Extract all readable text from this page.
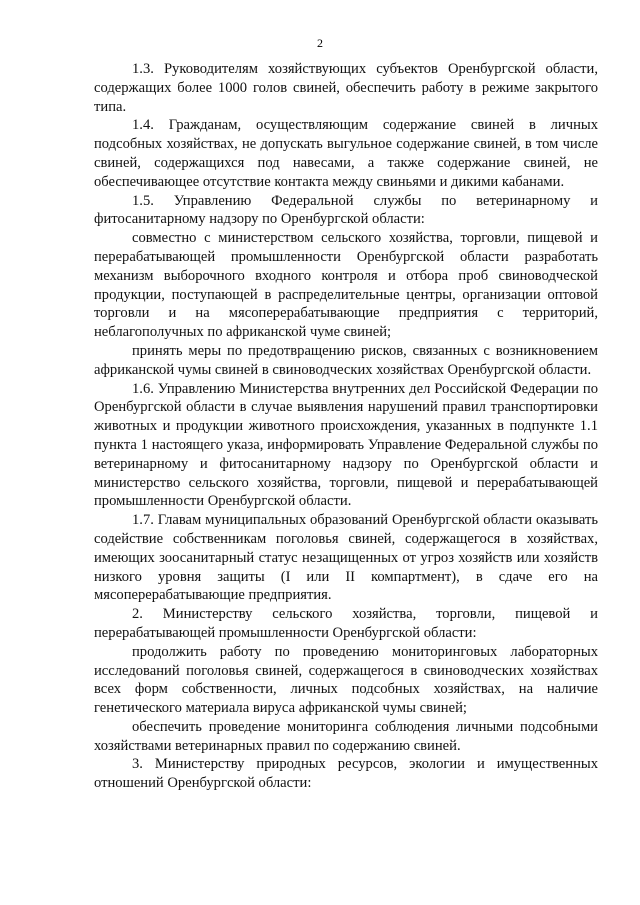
2

1.3. Руководителям хозяйствующих субъектов Оренбургской области, содержащих более 1000 голов свиней, обеспечить работу в режиме закрытого типа.

1.4. Гражданам, осуществляющим содержание свиней в личных подсобных хозяйствах, не допускать выгульное содержание свиней, в том числе свиней, содержащихся под навесами, а также содержание свиней, не обеспечивающее отсутствие контакта между свиньями и дикими кабанами.

1.5. Управлению Федеральной службы по ветеринарному и фитосанитарному надзору по Оренбургской области:

совместно с министерством сельского хозяйства, торговли, пищевой и перерабатывающей промышленности Оренбургской области разработать механизм выборочного входного контроля и отбора проб свиноводческой продукции, поступающей в распределительные центры, организации оптовой торговли и на мясоперерабатывающие предприятия с территорий, неблагополучных по африканской чуме свиней;

принять меры по предотвращению рисков, связанных с возникновением африканской чумы свиней в свиноводческих хозяйствах Оренбургской области.

1.6. Управлению Министерства внутренних дел Российской Федерации по Оренбургской области в случае выявления нарушений правил транспортировки животных и продукции животного происхождения, указанных в подпункте 1.1 пункта 1 настоящего указа, информировать Управление Федеральной службы по ветеринарному и фитосанитарному надзору по Оренбургской области и министерство сельского хозяйства, торговли, пищевой и перерабатывающей промышленности Оренбургской области.

1.7. Главам муниципальных образований Оренбургской области оказывать содействие собственникам поголовья свиней, содержащегося в хозяйствах, имеющих зоосанитарный статус незащищенных от угроз хозяйств или хозяйств низкого уровня защиты (I или II компартмент), в сдаче его на мясоперерабатывающие предприятия.

2. Министерству сельского хозяйства, торговли, пищевой и перерабатывающей промышленности Оренбургской области:

продолжить работу по проведению мониторинговых лабораторных исследований поголовья свиней, содержащегося в свиноводческих хозяйствах всех форм собственности, личных подсобных хозяйствах, на наличие генетического материала вируса африканской чумы свиней;

обеспечить проведение мониторинга соблюдения личными подсобными хозяйствами ветеринарных правил по содержанию свиней.

3. Министерству природных ресурсов, экологии и имущественных отношений Оренбургской области:
